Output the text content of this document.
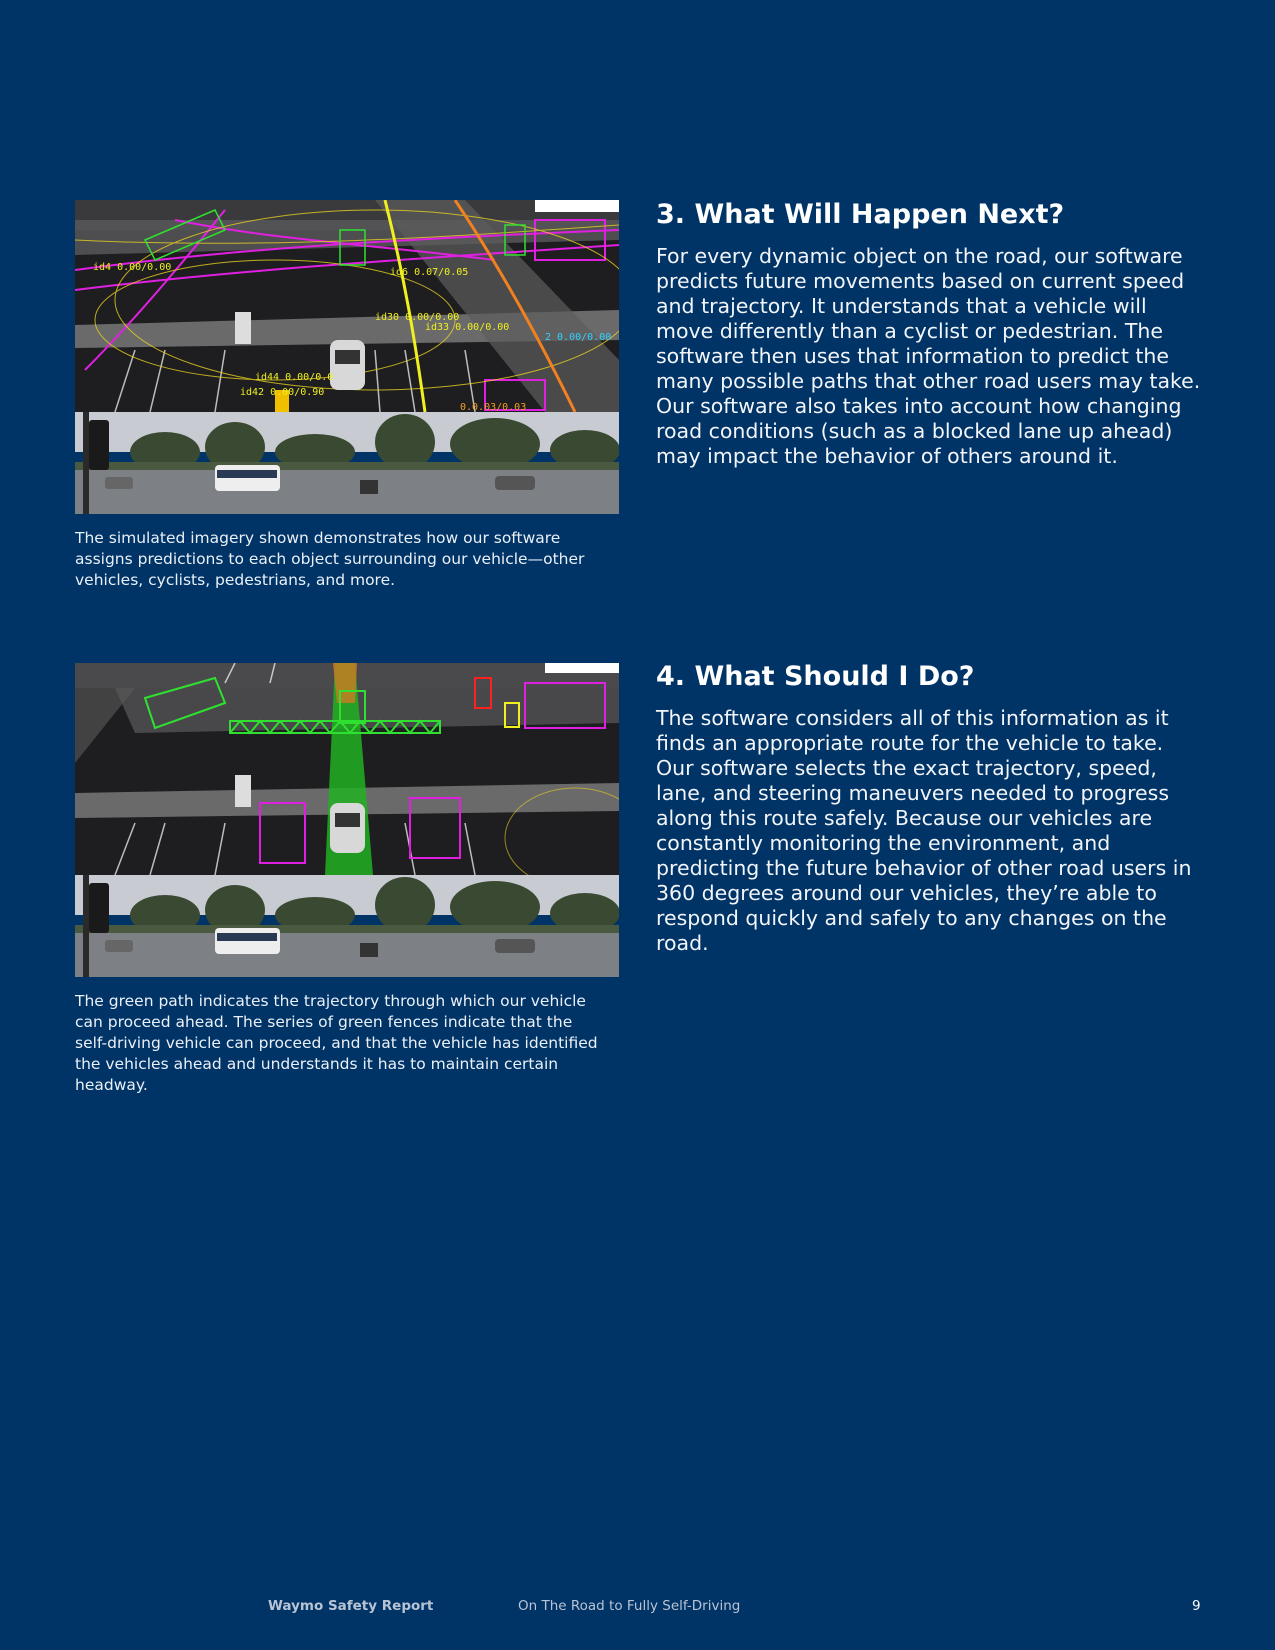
id4 0.00/0.00
id33 0.00/0.00
id30 0.00/0.00
id44 0.00/0.0
id42 0.00/0.90
0.0.03/0.03
id6 0.07/0.05
2 0.00/0.00
The simulated imagery shown demonstrates how our software assigns predictions to each object surrounding our vehicle—other vehicles, cyclists, pedestrians, and more.
3. What Will Happen Next?

For every dynamic object on the road, our software predicts future movements based on current speed and trajectory. It understands that a vehicle will move differently than a cyclist or pedestrian. The software then uses that information to predict the many possible paths that other road users may take. Our software also takes into account how changing road conditions (such as a blocked lane up ahead) may impact the behavior of others around it.

The green path indicates the trajectory through which our vehicle can proceed ahead. The series of green fences indicate that the self-driving vehicle can proceed, and that the vehicle has identified the vehicles ahead and understands it has to maintain certain headway.
4. What Should I Do?

The software considers all of this information as it finds an appropriate route for the vehicle to take. Our software selects the exact trajectory, speed, lane, and steering maneuvers needed to progress along this route safely. Because our vehicles are constantly monitoring the environment, and predicting the future behavior of other road users in 360 degrees around our vehicles, they’re able to respond quickly and safely to any changes on the road.

Waymo Safety Report	On The Road to Fully Self-Driving	9
